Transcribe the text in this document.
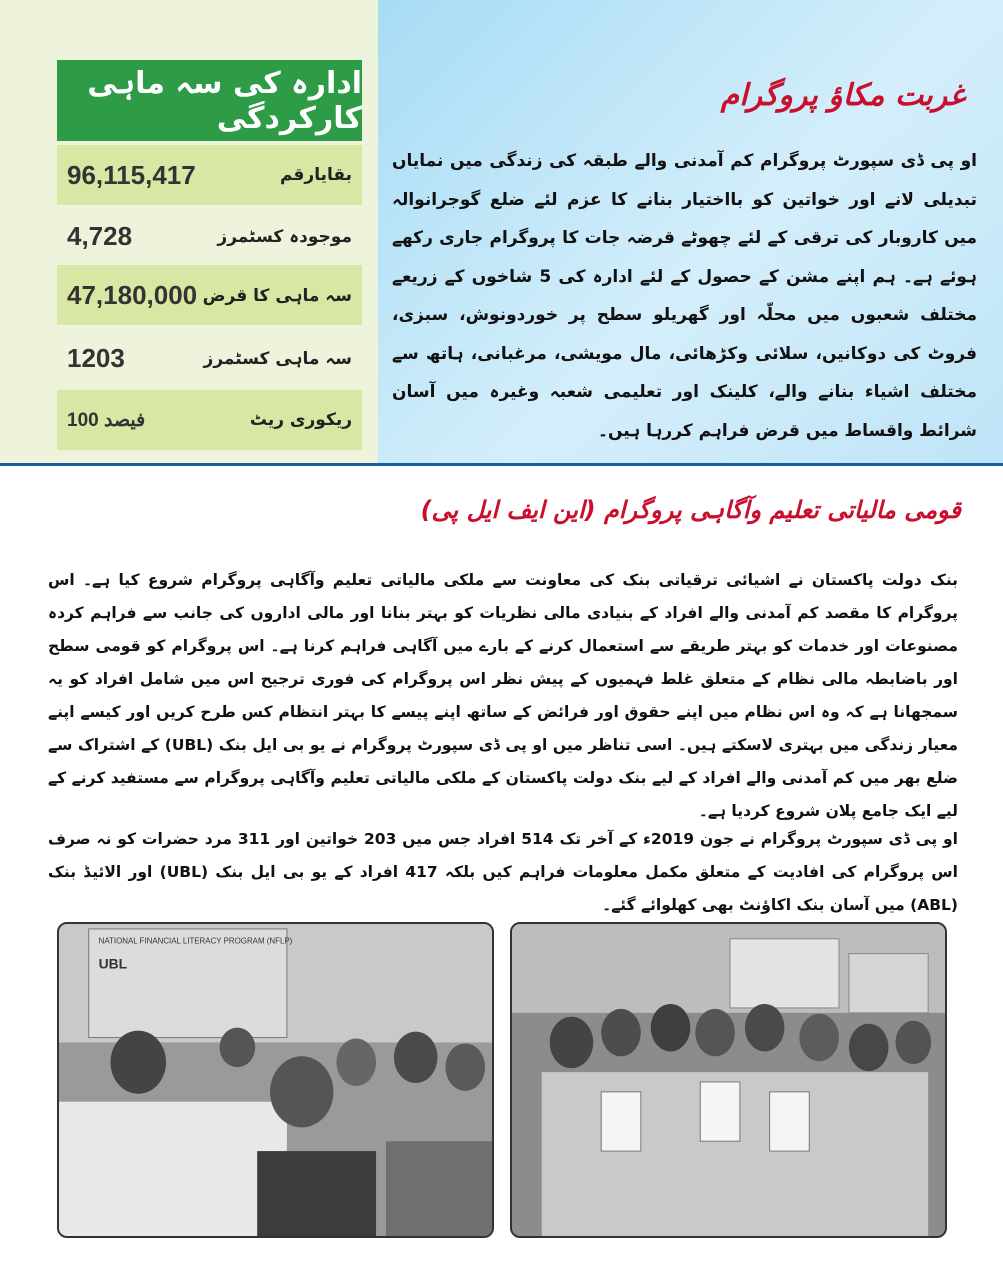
ادارہ کی سہ ماہی کارکردگی
بقایارقم
96,115,417
موجودہ کسٹمرز
4,728
سہ ماہی کا قرض
47,180,000
سہ ماہی کسٹمرز
1203
ریکوری ریٹ
100 فیصد
غربت مکاؤ پروگرام

او پی ڈی سپورٹ پروگرام کم آمدنی والے طبقہ کی زندگی میں نمایاں تبدیلی لانے اور خواتین کو بااختیار بنانے کا عزم لئے ضلع گوجرانوالہ میں کاروبار کی ترقی کے لئے چھوٹے قرضہ جات کا پروگرام جاری رکھے ہوئے ہے۔ ہم اپنے مشن کے حصول کے لئے ادارہ کی 5 شاخوں کے زریعے مختلف شعبوں میں محلّہ اور گھریلو سطح پر خوردونوش، سبزی، فروٹ کی دوکانیں، سلائی وکڑھائی، مال مویشی، مرغبانی، ہاتھ سے مختلف اشیاء بنانے والے، کلینک اور تعلیمی شعبہ وغیرہ میں آسان شرائط واقساط میں قرض فراہم کررہا ہیں۔

قومی مالیاتی تعلیم وآگاہی پروگرام (این ایف ایل پی)

بنک دولت پاکستان نے اشیائی ترقیاتی بنک کی معاونت سے ملکی مالیاتی تعلیم وآگاہی پروگرام شروع کیا ہے۔ اس پروگرام کا مقصد کم آمدنی والے افراد کے بنیادی مالی نظریات کو بہتر بنانا اور مالی اداروں کی جانب سے فراہم کردہ مصنوعات اور خدمات کو بہتر طریقے سے استعمال کرنے کے بارے میں آگاہی فراہم کرنا ہے۔ اس پروگرام کو قومی سطح اور باضابطہ مالی نظام کے متعلق غلط فہمیوں کے پیش نظر اس پروگرام کی فوری ترجیح اس میں شامل افراد کو یہ سمجھانا ہے کہ وہ اس نظام میں اپنے حقوق اور فرائض کے ساتھ اپنے پیسے کا بہتر انتظام کس طرح کریں اور کیسے اپنے معیار زندگی میں بہتری لاسکتے ہیں۔ اسی تناظر میں او پی ڈی سپورٹ پروگرام نے یو بی ایل بنک (UBL) کے اشتراک سے ضلع بھر میں کم آمدنی والے افراد کے لیے بنک دولت پاکستان کے ملکی مالیاتی تعلیم وآگاہی پروگرام سے مستفید کرنے کے لیے ایک جامع پلان شروع کردیا ہے۔

او پی ڈی سپورٹ پروگرام نے جون 2019ء کے آخر تک 514 افراد جس میں 203 خواتین اور 311 مرد حضرات کو نہ صرف اس پروگرام کی افادیت کے متعلق مکمل معلومات فراہم کیں بلکہ 417 افراد کے یو بی ایل بنک (UBL) اور الائیڈ بنک (ABL) میں آسان بنک اکاؤنٹ بھی کھلوائے گئے۔

NATIONAL FINANCIAL LITERACY PROGRAM (NFLP)
UBL
